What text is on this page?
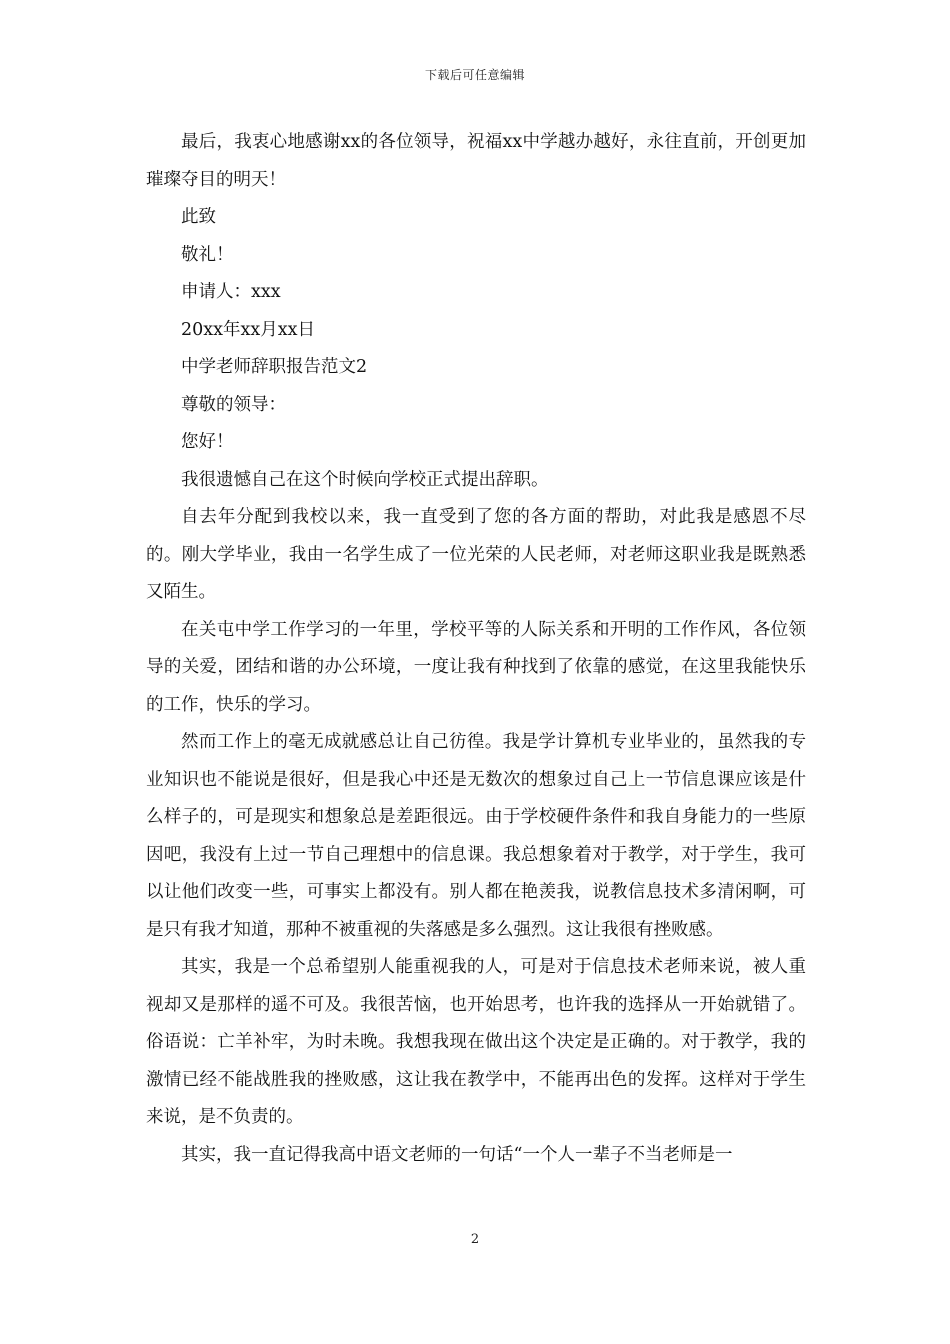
下载后可任意编辑

最后，我衷心地感谢xx的各位领导，祝福xx中学越办越好，永往直前，开创更加璀璨夺目的明天！

此致

敬礼！

申请人：xxx

20xx年xx月xx日

中学老师辞职报告范文2

尊敬的领导：

您好！

我很遗憾自己在这个时候向学校正式提出辞职。

自去年分配到我校以来，我一直受到了您的各方面的帮助，对此我是感恩不尽的。刚大学毕业，我由一名学生成了一位光荣的人民老师，对老师这职业我是既熟悉又陌生。

在关屯中学工作学习的一年里，学校平等的人际关系和开明的工作作风，各位领导的关爱，团结和谐的办公环境，一度让我有种找到了依靠的感觉，在这里我能快乐的工作，快乐的学习。

然而工作上的毫无成就感总让自己彷徨。我是学计算机专业毕业的，虽然我的专业知识也不能说是很好，但是我心中还是无数次的想象过自己上一节信息课应该是什么样子的，可是现实和想象总是差距很远。由于学校硬件条件和我自身能力的一些原因吧，我没有上过一节自己理想中的信息课。我总想象着对于教学，对于学生，我可以让他们改变一些，可事实上都没有。别人都在艳羡我，说教信息技术多清闲啊，可是只有我才知道，那种不被重视的失落感是多么强烈。这让我很有挫败感。

其实，我是一个总希望别人能重视我的人，可是对于信息技术老师来说，被人重视却又是那样的遥不可及。我很苦恼，也开始思考，也许我的选择从一开始就错了。俗语说：亡羊补牢，为时未晚。我想我现在做出这个决定是正确的。对于教学，我的激情已经不能战胜我的挫败感，这让我在教学中，不能再出色的发挥。这样对于学生来说，是不负责的。

其实，我一直记得我高中语文老师的一句话“一个人一辈子不当老师是一

2
